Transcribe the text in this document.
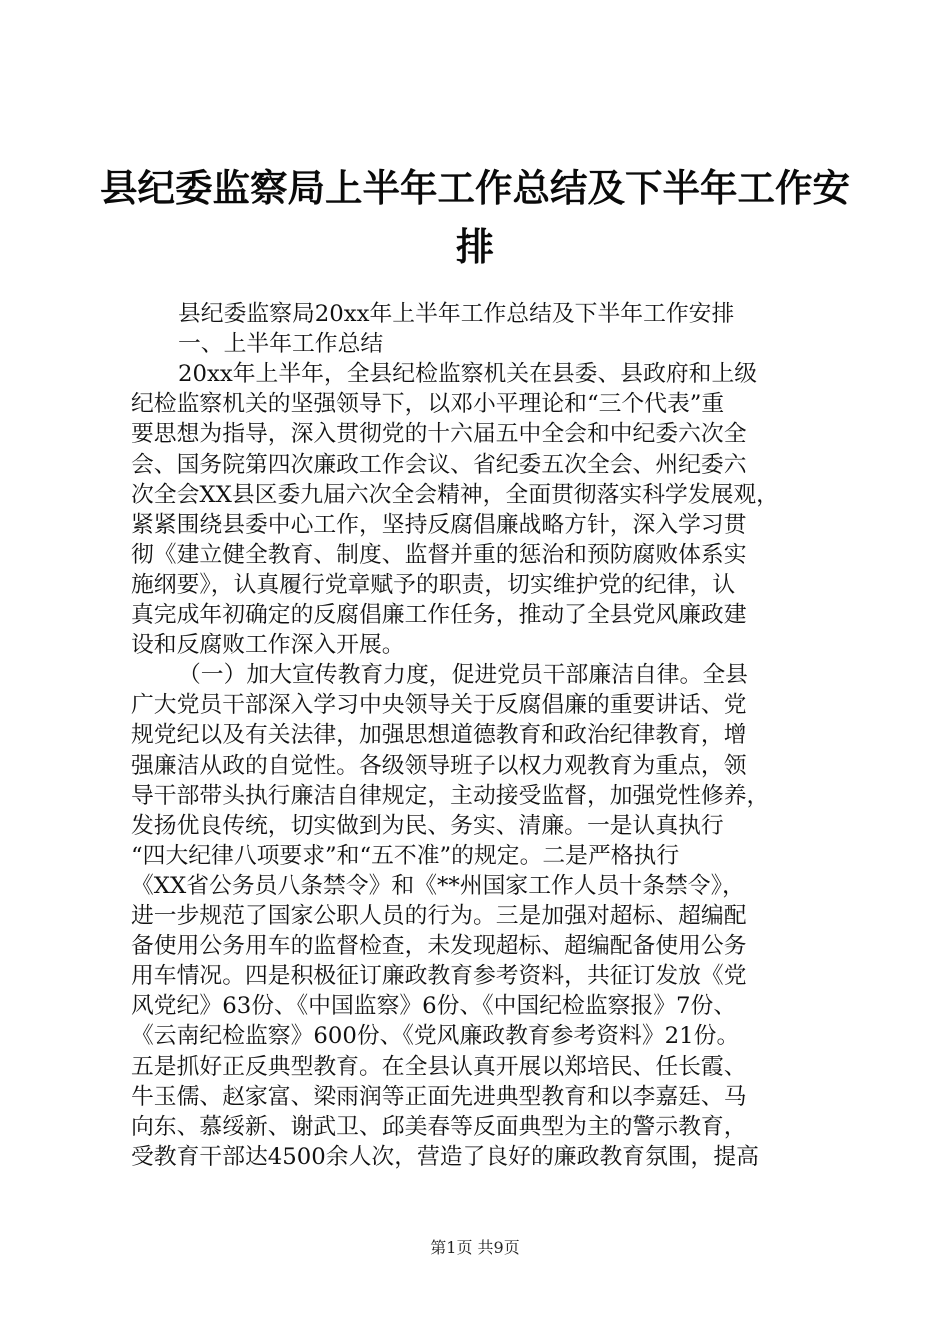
县纪委监察局上半年工作总结及下半年工作安
排
县纪委监察局20xx年上半年工作总结及下半年工作安排
一、上半年工作总结
20xx年上半年，全县纪检监察机关在县委、县政府和上级
纪检监察机关的坚强领导下，以邓小平理论和“三个代表”重
要思想为指导，深入贯彻党的十六届五中全会和中纪委六次全
会、国务院第四次廉政工作会议、省纪委五次全会、州纪委六
次全会XX县区委九届六次全会精神，全面贯彻落实科学发展观，
紧紧围绕县委中心工作，坚持反腐倡廉战略方针，深入学习贯
彻《建立健全教育、制度、监督并重的惩治和预防腐败体系实
施纲要》，认真履行党章赋予的职责，切实维护党的纪律，认
真完成年初确定的反腐倡廉工作任务，推动了全县党风廉政建
设和反腐败工作深入开展。
（一）加大宣传教育力度，促进党员干部廉洁自律。全县
广大党员干部深入学习中央领导关于反腐倡廉的重要讲话、党
规党纪以及有关法律，加强思想道德教育和政治纪律教育，增
强廉洁从政的自觉性。各级领导班子以权力观教育为重点，领
导干部带头执行廉洁自律规定，主动接受监督，加强党性修养，
发扬优良传统，切实做到为民、务实、清廉。一是认真执行
“四大纪律八项要求”和“五不准”的规定。二是严格执行
《XX省公务员八条禁令》和《**州国家工作人员十条禁令》，
进一步规范了国家公职人员的行为。三是加强对超标、超编配
备使用公务用车的监督检查，未发现超标、超编配备使用公务
用车情况。四是积极征订廉政教育参考资料，共征订发放《党
风党纪》63份、《中国监察》6份、《中国纪检监察报》7份、
《云南纪检监察》600份、《党风廉政教育参考资料》21份。
五是抓好正反典型教育。在全县认真开展以郑培民、任长霞、
牛玉儒、赵家富、梁雨润等正面先进典型教育和以李嘉廷、马
向东、慕绥新、谢武卫、邱美春等反面典型为主的警示教育，
受教育干部达4500余人次，营造了良好的廉政教育氛围，提高
第1页 共9页
